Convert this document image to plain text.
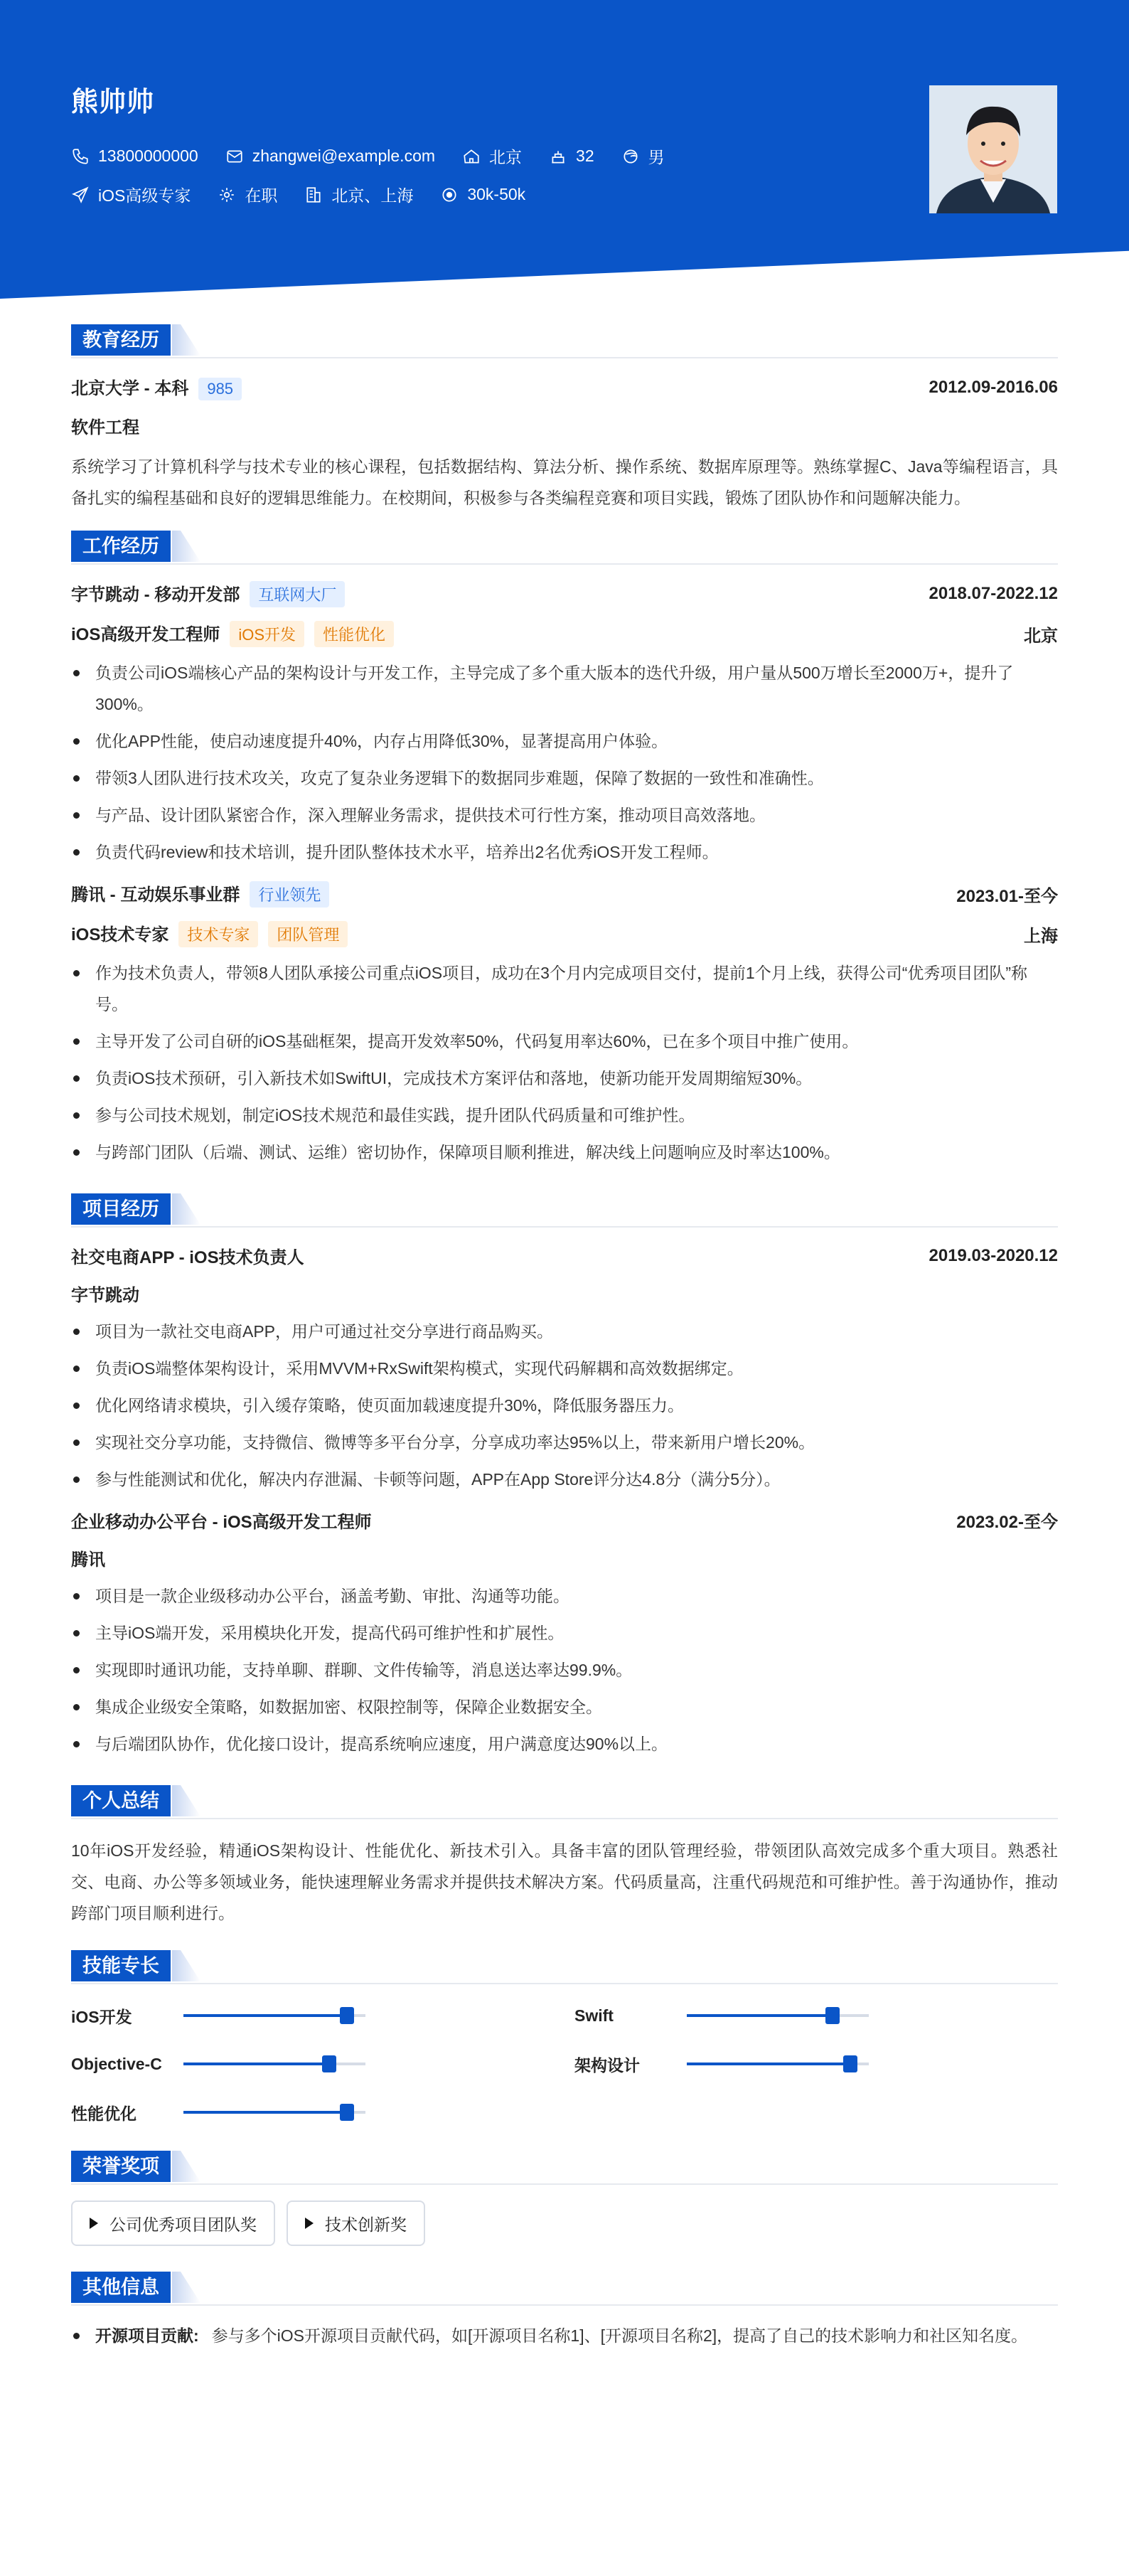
熊帅帅
13800000000	zhangwei@example.com	北京	32	男
iOS高级专家	在职	北京、上海	30k-50k
教育经历
北京大学 - 本科 985	2012.09-2016.06
软件工程
系统学习了计算机科学与技术专业的核心课程，包括数据结构、算法分析、操作系统、数据库原理等。熟练掌握C、Java等编程语言，具备扎实的编程基础和良好的逻辑思维能力。在校期间，积极参与各类编程竞赛和项目实践，锻炼了团队协作和问题解决能力。
工作经历
字节跳动 - 移动开发部 互联网大厂	2018.07-2022.12
iOS高级开发工程师 iOS开发 性能优化	北京
负责公司iOS端核心产品的架构设计与开发工作，主导完成了多个重大版本的迭代升级，用户量从500万增长至2000万+，提升了300%。
优化APP性能，使启动速度提升40%，内存占用降低30%，显著提高用户体验。
带领3人团队进行技术攻关，攻克了复杂业务逻辑下的数据同步难题，保障了数据的一致性和准确性。
与产品、设计团队紧密合作，深入理解业务需求，提供技术可行性方案，推动项目高效落地。
负责代码review和技术培训，提升团队整体技术水平，培养出2名优秀iOS开发工程师。
腾讯 - 互动娱乐事业群 行业领先	2023.01-至今
iOS技术专家 技术专家 团队管理	上海
作为技术负责人，带领8人团队承接公司重点iOS项目，成功在3个月内完成项目交付，提前1个月上线，获得公司“优秀项目团队”称号。
主导开发了公司自研的iOS基础框架，提高开发效率50%，代码复用率达60%，已在多个项目中推广使用。
负责iOS技术预研，引入新技术如SwiftUI，完成技术方案评估和落地，使新功能开发周期缩短30%。
参与公司技术规划，制定iOS技术规范和最佳实践，提升团队代码质量和可维护性。
与跨部门团队（后端、测试、运维）密切协作，保障项目顺利推进，解决线上问题响应及时率达100%。
项目经历
社交电商APP - iOS技术负责人	2019.03-2020.12
字节跳动
项目为一款社交电商APP，用户可通过社交分享进行商品购买。
负责iOS端整体架构设计，采用MVVM+RxSwift架构模式，实现代码解耦和高效数据绑定。
优化网络请求模块，引入缓存策略，使页面加载速度提升30%，降低服务器压力。
实现社交分享功能，支持微信、微博等多平台分享，分享成功率达95%以上，带来新用户增长20%。
参与性能测试和优化，解决内存泄漏、卡顿等问题，APP在App Store评分达4.8分（满分5分）。
企业移动办公平台 - iOS高级开发工程师	2023.02-至今
腾讯
项目是一款企业级移动办公平台，涵盖考勤、审批、沟通等功能。
主导iOS端开发，采用模块化开发，提高代码可维护性和扩展性。
实现即时通讯功能，支持单聊、群聊、文件传输等，消息送达率达99.9%。
集成企业级安全策略，如数据加密、权限控制等，保障企业数据安全。
与后端团队协作，优化接口设计，提高系统响应速度，用户满意度达90%以上。
个人总结
10年iOS开发经验，精通iOS架构设计、性能优化、新技术引入。具备丰富的团队管理经验，带领团队高效完成多个重大项目。熟悉社交、电商、办公等多领域业务，能快速理解业务需求并提供技术解决方案。代码质量高，注重代码规范和可维护性。善于沟通协作，推动跨部门项目顺利进行。
技能专长
iOS开发	Swift
Objective-C	架构设计
性能优化
荣誉奖项
公司优秀项目团队奖	技术创新奖
其他信息
开源项目贡献: 参与多个iOS开源项目贡献代码，如[开源项目名称1]、[开源项目名称2]，提高了自己的技术影响力和社区知名度。
